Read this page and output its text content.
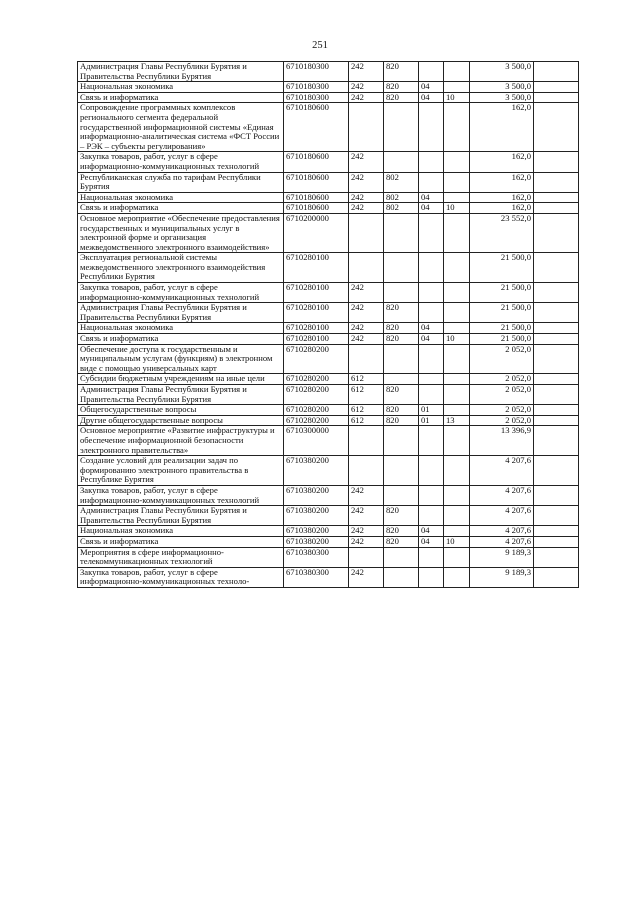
251
Администрация Главы Республики Бурятия и Правительства Республики Бурятия	6710180300	242	820			3 500,0	
Национальная экономика	6710180300	242	820	04		3 500,0	
Связь и информатика	6710180300	242	820	04	10	3 500,0	
Сопровождение программных комплексов регионального сегмента федеральной государственной информационной системы «Единая информационно-аналитическая система «ФСТ России – РЭК – субъекты регулирования»	6710180600					162,0	
Закупка товаров, работ, услуг в сфере информационно-коммуникационных технологий	6710180600	242				162,0	
Республиканская служба по тарифам Республики Бурятия	6710180600	242	802			162,0	
Национальная экономика	6710180600	242	802	04		162,0	
Связь и информатика	6710180600	242	802	04	10	162,0	
Основное мероприятие «Обеспечение предоставления государственных и муниципальных услуг в электронной форме и организация межведомственного электронного взаимодействия»	6710200000					23 552,0	
Эксплуатация региональной системы межведомственного электронного взаимодействия Республики Бурятия	6710280100					21 500,0	
Закупка товаров, работ, услуг в сфере информационно-коммуникационных технологий	6710280100	242				21 500,0	
Администрация Главы Республики Бурятия и Правительства Республики Бурятия	6710280100	242	820			21 500,0	
Национальная экономика	6710280100	242	820	04		21 500,0	
Связь и информатика	6710280100	242	820	04	10	21 500,0	
Обеспечение доступа к государственным и муниципальным услугам (функциям) в электронном виде с помощью универсальных карт	6710280200					2 052,0	
Субсидии бюджетным учреждениям на иные цели	6710280200	612				2 052,0	
Администрация Главы Республики Бурятия и Правительства Республики Бурятия	6710280200	612	820			2 052,0	
Общегосударственные вопросы	6710280200	612	820	01		2 052,0	
Другие общегосударственные вопросы	6710280200	612	820	01	13	2 052,0	
Основное мероприятие «Развитие инфраструктуры и обеспечение информационной безопасности электронного правительства»	6710300000					13 396,9	
Создание условий для реализации задач по формированию электронного правительства в Республике Бурятия	6710380200					4 207,6	
Закупка товаров, работ, услуг в сфере информационно-коммуникационных технологий	6710380200	242				4 207,6	
Администрация Главы Республики Бурятия и Правительства Республики Бурятия	6710380200	242	820			4 207,6	
Национальная экономика	6710380200	242	820	04		4 207,6	
Связь и информатика	6710380200	242	820	04	10	4 207,6	
Мероприятия в сфере информационно-телекоммуникационных технологий	6710380300					9 189,3	
Закупка товаров, работ, услуг в сфере информационно-коммуникационных техноло-	6710380300	242				9 189,3	
